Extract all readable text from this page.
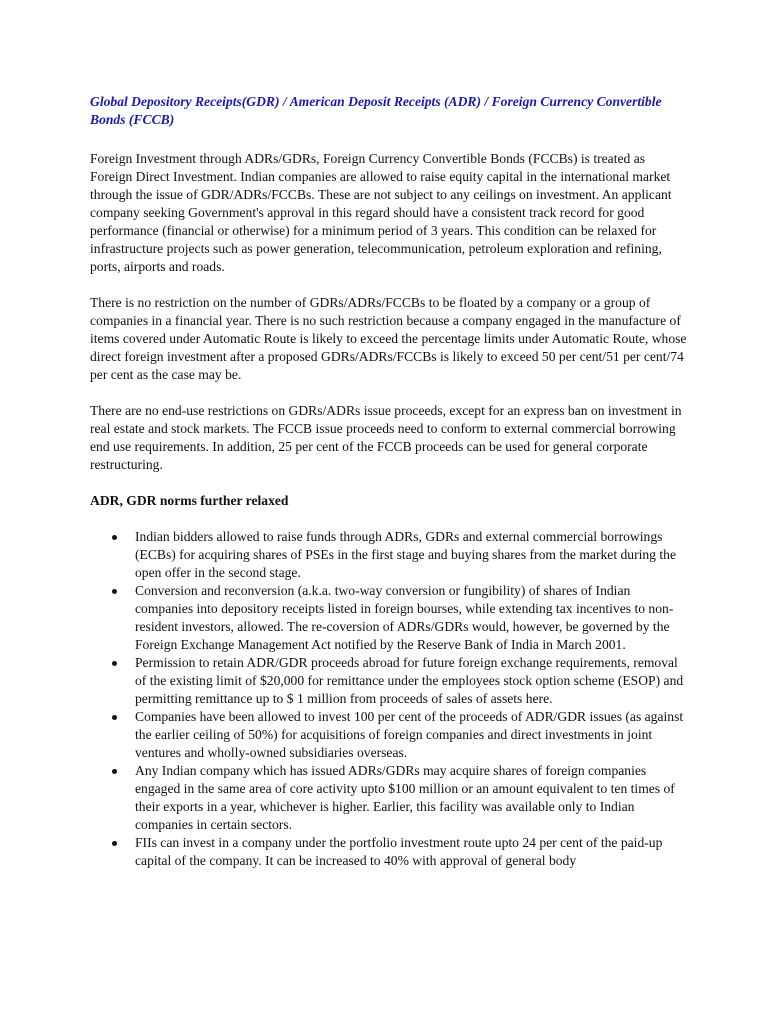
Global Depository Receipts(GDR) / American Deposit Receipts (ADR) / Foreign Currency Convertible Bonds (FCCB)

Foreign Investment through ADRs/GDRs, Foreign Currency Convertible Bonds (FCCBs) is treated as Foreign Direct Investment. Indian companies are allowed to raise equity capital in the international market through the issue of GDR/ADRs/FCCBs. These are not subject to any ceilings on investment. An applicant company seeking Government's approval in this regard should have a consistent track record for good performance (financial or otherwise) for a minimum period of 3 years. This condition can be relaxed for infrastructure projects such as power generation, telecommunication, petroleum exploration and refining, ports, airports and roads.

There is no restriction on the number of GDRs/ADRs/FCCBs to be floated by a company or a group of companies in a financial year. There is no such restriction because a company engaged in the manufacture of items covered under Automatic Route is likely to exceed the percentage limits under Automatic Route, whose direct foreign investment after a proposed GDRs/ADRs/FCCBs is likely to exceed 50 per cent/51 per cent/74 per cent as the case may be.

There are no end-use restrictions on GDRs/ADRs issue proceeds, except for an express ban on investment in real estate and stock markets. The FCCB issue proceeds need to conform to external commercial borrowing end use requirements. In addition, 25 per cent of the FCCB proceeds can be used for general corporate restructuring.

ADR, GDR norms further relaxed
Indian bidders allowed to raise funds through ADRs, GDRs and external commercial borrowings (ECBs) for acquiring shares of PSEs in the first stage and buying shares from the market during the open offer in the second stage.
Conversion and reconversion (a.k.a. two-way conversion or fungibility) of shares of Indian companies into depository receipts listed in foreign bourses, while extending tax incentives to non-resident investors, allowed. The re-coversion of ADRs/GDRs would, however, be governed by the Foreign Exchange Management Act notified by the Reserve Bank of India in March 2001.
Permission to retain ADR/GDR proceeds abroad for future foreign exchange requirements, removal of the existing limit of $20,000 for remittance under the employees stock option scheme (ESOP) and permitting remittance up to $ 1 million from proceeds of sales of assets here.
Companies have been allowed to invest 100 per cent of the proceeds of ADR/GDR issues (as against the earlier ceiling of 50%) for acquisitions of foreign companies and direct investments in joint ventures and wholly-owned subsidiaries overseas.
Any Indian company which has issued ADRs/GDRs may acquire shares of foreign companies engaged in the same area of core activity upto $100 million or an amount equivalent to ten times of their exports in a year, whichever is higher. Earlier, this facility was available only to Indian companies in certain sectors.
FIIs can invest in a company under the portfolio investment route upto 24 per cent of the paid-up capital of the company. It can be increased to 40% with approval of general body
